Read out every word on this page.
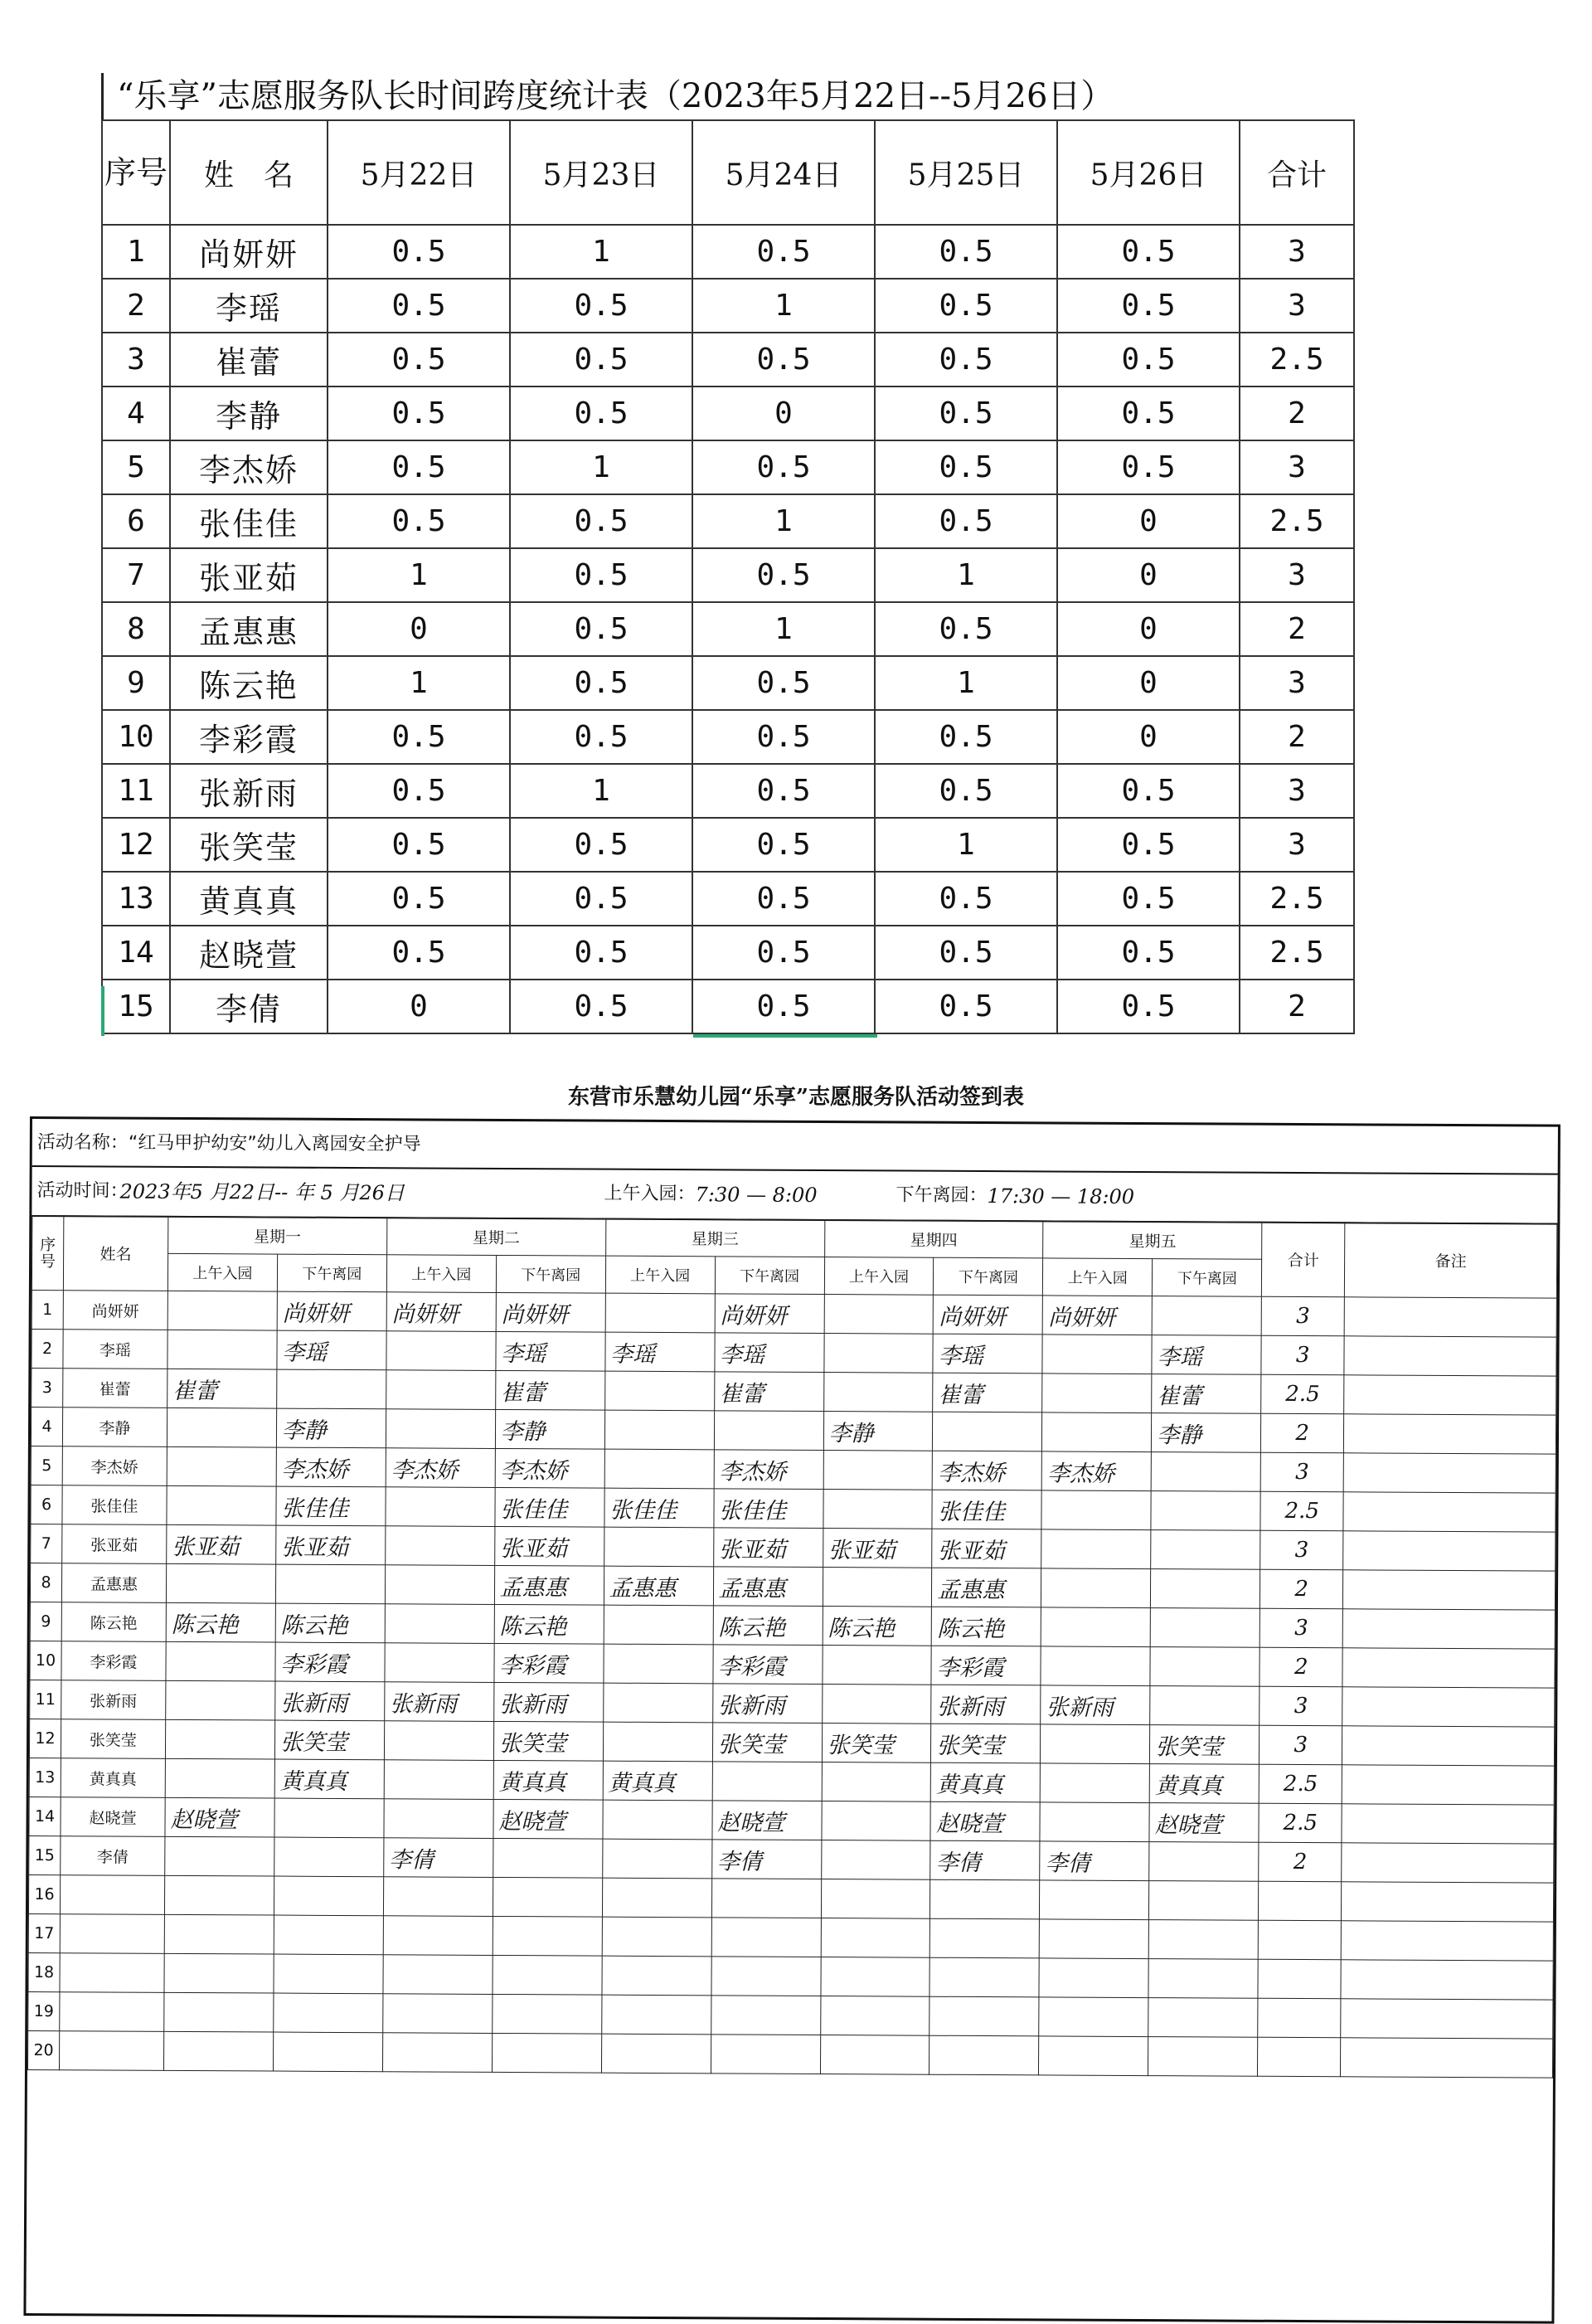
“乐享”志愿服务队长时间跨度统计表（2023年5月22日--5月26日）
序号	姓　名	5月22日	5月23日	5月24日	5月25日	5月26日	合计
1	尚妍妍	0.5	1	0.5	0.5	0.5	3
2	李瑶	0.5	0.5	1	0.5	0.5	3
3	崔蕾	0.5	0.5	0.5	0.5	0.5	2.5
4	李静	0.5	0.5	0	0.5	0.5	2
5	李杰娇	0.5	1	0.5	0.5	0.5	3
6	张佳佳	0.5	0.5	1	0.5	0	2.5
7	张亚茹	1	0.5	0.5	1	0	3
8	孟惠惠	0	0.5	1	0.5	0	2
9	陈云艳	1	0.5	0.5	1	0	3
10	李彩霞	0.5	0.5	0.5	0.5	0	2
11	张新雨	0.5	1	0.5	0.5	0.5	3
12	张笑莹	0.5	0.5	0.5	1	0.5	3
13	黄真真	0.5	0.5	0.5	0.5	0.5	2.5
14	赵晓萱	0.5	0.5	0.5	0.5	0.5	2.5
15	李倩	0	0.5	0.5	0.5	0.5	2
东营市乐慧幼儿园“乐享”志愿服务队活动签到表
活动名称：“红马甲护幼安”幼儿入离园安全护导
活动时间：
2023年5 月22日-- 年 5 月26日	上午入园： 7:30 — 8:00	下午离园： 17:30 — 18:00
序号	姓名	星期一		星期二		星期三		星期四		星期五		合计	备注
		上午入园	下午离园	上午入园	下午离园	上午入园	下午离园	上午入园	下午离园	上午入园	下午离园		
1	尚妍妍		尚妍妍	尚妍妍	尚妍妍		尚妍妍		尚妍妍	尚妍妍		3	
2	李瑶		李瑶		李瑶	李瑶	李瑶		李瑶		李瑶	3	
3	崔蕾	崔蕾			崔蕾		崔蕾		崔蕾		崔蕾	2.5	
4	李静		李静		李静			李静			李静	2	
5	李杰娇		李杰娇	李杰娇	李杰娇		李杰娇		李杰娇	李杰娇		3	
6	张佳佳		张佳佳		张佳佳	张佳佳	张佳佳		张佳佳			2.5	
7	张亚茹	张亚茹	张亚茹		张亚茹		张亚茹	张亚茹	张亚茹			3	
8	孟惠惠				孟惠惠	孟惠惠	孟惠惠		孟惠惠			2	
9	陈云艳	陈云艳	陈云艳		陈云艳		陈云艳	陈云艳	陈云艳			3	
10	李彩霞		李彩霞		李彩霞		李彩霞		李彩霞			2	
11	张新雨		张新雨	张新雨	张新雨		张新雨		张新雨	张新雨		3	
12	张笑莹		张笑莹		张笑莹		张笑莹	张笑莹	张笑莹		张笑莹	3	
13	黄真真		黄真真		黄真真	黄真真			黄真真		黄真真	2.5	
14	赵晓萱	赵晓萱			赵晓萱		赵晓萱		赵晓萱		赵晓萱	2.5	
15	李倩			李倩			李倩		李倩	李倩		2	
16													
17													
18													
19													
20													
